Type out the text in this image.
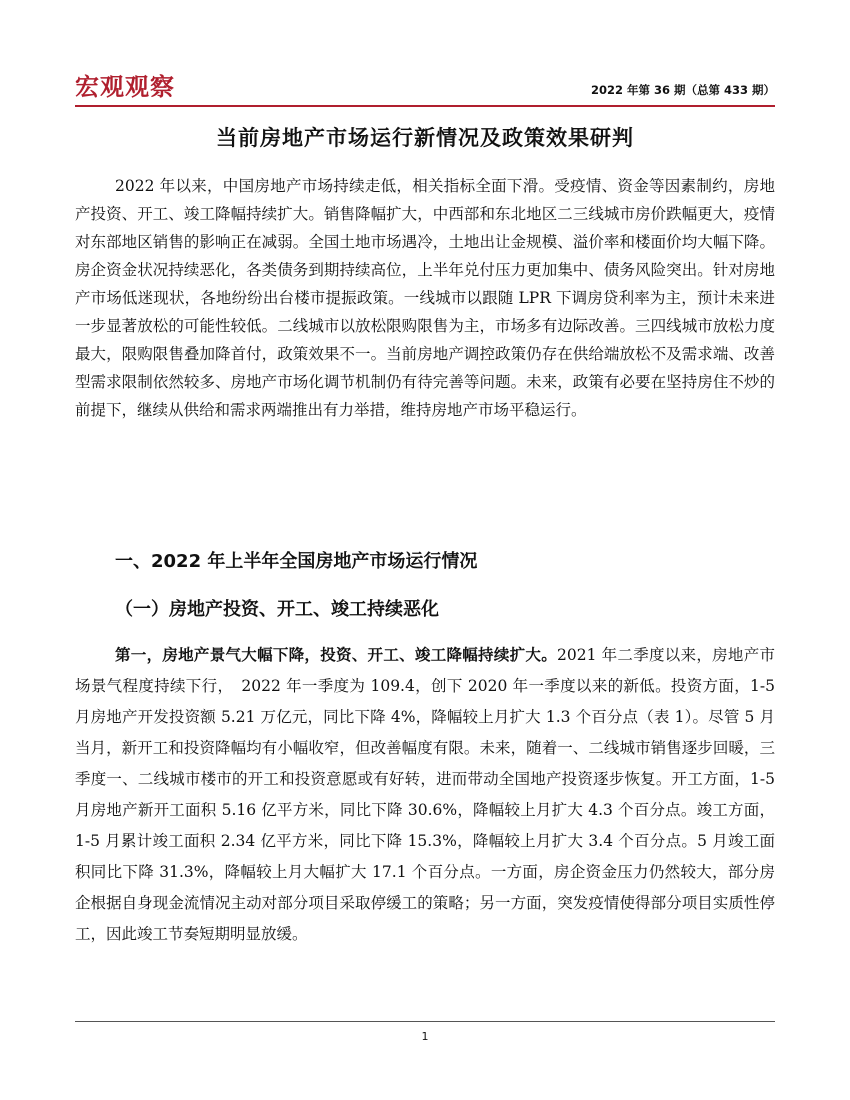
宏观观察	2022 年第 36 期（总第 433 期）
当前房地产市场运行新情况及政策效果研判

2022 年以来，中国房地产市场持续走低，相关指标全面下滑。受疫情、资金等因素制约，房地产投资、开工、竣工降幅持续扩大。销售降幅扩大，中西部和东北地区二三线城市房价跌幅更大，疫情对东部地区销售的影响正在减弱。全国土地市场遇冷，土地出让金规模、溢价率和楼面价均大幅下降。房企资金状况持续恶化，各类债务到期持续高位，上半年兑付压力更加集中、债务风险突出。针对房地产市场低迷现状，各地纷纷出台楼市提振政策。一线城市以跟随 LPR 下调房贷利率为主，预计未来进一步显著放松的可能性较低。二线城市以放松限购限售为主，市场多有边际改善。三四线城市放松力度最大，限购限售叠加降首付，政策效果不一。当前房地产调控政策仍存在供给端放松不及需求端、改善型需求限制依然较多、房地产市场化调节机制仍有待完善等问题。未来，政策有必要在坚持房住不炒的前提下，继续从供给和需求两端推出有力举措，维持房地产市场平稳运行。

一、2022 年上半年全国房地产市场运行情况
（一）房地产投资、开工、竣工持续恶化

第一，房地产景气大幅下降，投资、开工、竣工降幅持续扩大。2021 年二季度以来，房地产市场景气程度持续下行，　2022 年一季度为 109.4，创下 2020 年一季度以来的新低。投资方面，1-5 月房地产开发投资额 5.21 万亿元，同比下降 4%，降幅较上月扩大 1.3 个百分点（表 1）。尽管 5 月当月，新开工和投资降幅均有小幅收窄，但改善幅度有限。未来，随着一、二线城市销售逐步回暖，三季度一、二线城市楼市的开工和投资意愿或有好转，进而带动全国地产投资逐步恢复。开工方面，1-5 月房地产新开工面积 5.16 亿平方米，同比下降 30.6%，降幅较上月扩大 4.3 个百分点。竣工方面，1-5 月累计竣工面积 2.34 亿平方米，同比下降 15.3%，降幅较上月扩大 3.4 个百分点。5 月竣工面积同比下降 31.3%，降幅较上月大幅扩大 17.1 个百分点。一方面，房企资金压力仍然较大，部分房企根据自身现金流情况主动对部分项目采取停缓工的策略；另一方面，突发疫情使得部分项目实质性停工，因此竣工节奏短期明显放缓。

1
